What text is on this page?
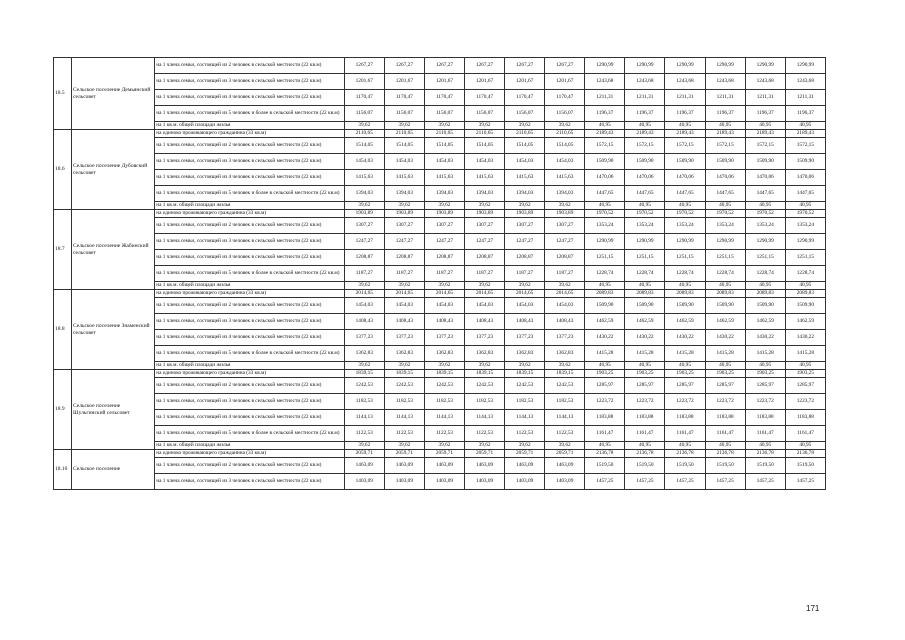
18.5	Сельское поселение Демьянский сельсовет	на 1 члена семьи, состоящей из 2 человек в сельской местности (22 кв.м)	1267,27	1267,27	1267,27	1267,27	1267,27	1267,27	1290,99	1290,99	1290,99	1290,99	1290,99	1290,99
		на 1 члена семьи, состоящей из 3 человек в сельской местности (22 кв.м)	1201,67	1201,67	1201,67	1201,67	1201,67	1201,67	1243,68	1243,68	1243,68	1243,68	1243,68	1243,68
		на 1 члена семьи, состоящей из 4 человек в сельской местности (22 кв.м)	1170,47	1170,47	1170,47	1170,47	1170,47	1170,47	1211,31	1211,31	1211,31	1211,31	1211,31	1211,31
		на 1 члена семьи, состоящей из 5 человек и более в сельской местности (22 кв.м)	1156,07	1156,07	1156,07	1156,07	1156,07	1156,07	1196,37	1196,37	1196,37	1196,37	1196,37	1196,37
		на 1 кв.м. общей площади жилья	39,62	39,62	39,62	39,62	39,62	39,62	40,95	40,95	40,95	40,95	40,95	40,95
18.6	Сельское поселение Дубовский сельсовет	на одиноко проживающего гражданина (33 кв.м)	2110,65	2110,65	2110,65	2110,65	2110,65	2110,65	2189,43	2189,43	2189,43	2189,43	2189,43	2189,43
		на 1 члена семьи, состоящей из 2 человек в сельской местности (22 кв.м)	1514,05	1514,05	1514,05	1514,05	1514,05	1514,05	1572,15	1572,15	1572,15	1572,15	1572,15	1572,15
		на 1 члена семьи, состоящей из 3 человек в сельской местности (22 кв.м)	1454,03	1454,03	1454,03	1454,03	1454,03	1454,03	1509,90	1509,90	1509,90	1509,90	1509,90	1509,90
		на 1 члена семьи, состоящей из 4 человек в сельской местности (22 кв.м)	1415,63	1415,63	1415,63	1415,63	1415,63	1415,63	1470,06	1470,06	1470,06	1470,06	1470,06	1470,06
		на 1 члена семьи, состоящей из 5 человек и более в сельской местности (22 кв.м)	1394,03	1394,03	1394,03	1394,03	1394,03	1394,03	1447,65	1447,65	1447,65	1447,65	1447,65	1447,65
		на 1 кв.м. общей площади жилья	39,62	39,62	39,62	39,62	39,62	39,62	40,95	40,95	40,95	40,95	40,95	40,95
18.7	Сельское поселение Жабинский сельсовет	на одиноко проживающего гражданина (33 кв.м)	1903,89	1903,89	1903,89	1903,89	1903,89	1903,89	1970,52	1970,52	1970,52	1970,52	1970,52	1970,52
		на 1 члена семьи, состоящей из 2 человек в сельской местности (22 кв.м)	1307,27	1307,27	1307,27	1307,27	1307,27	1307,27	1353,24	1353,24	1353,24	1353,24	1353,24	1353,24
		на 1 члена семьи, состоящей из 3 человек в сельской местности (22 кв.м)	1247,27	1247,27	1247,27	1247,27	1247,27	1247,27	1290,99	1290,99	1290,99	1290,99	1290,99	1290,99
		на 1 члена семьи, состоящей из 4 человек в сельской местности (22 кв.м)	1208,87	1208,87	1208,87	1208,87	1208,87	1208,87	1251,15	1251,15	1251,15	1251,15	1251,15	1251,15
		на 1 члена семьи, состоящей из 5 человек и более в сельской местности (22 кв.м)	1187,27	1187,27	1187,27	1187,27	1187,27	1187,27	1228,74	1228,74	1228,74	1228,74	1228,74	1228,74
		на 1 кв.м. общей площади жилья	39,62	39,62	39,62	39,62	39,62	39,62	40,95	40,95	40,95	40,95	40,95	40,95
18.8	Сельское поселение Знаменский сельсовет	на одиноко проживающего гражданина (33 кв.м)	2014,65	2014,65	2014,65	2014,65	2014,65	2014,65	2089,83	2089,83	2089,83	2089,83	2089,83	2089,83
		на 1 члена семьи, состоящей из 2 человек в сельской местности (22 кв.м)	1454,03	1454,03	1454,03	1454,03	1454,03	1454,03	1509,90	1509,90	1509,90	1509,90	1509,90	1509,90
		на 1 члена семьи, состоящей из 3 человек в сельской местности (22 кв.м)	1408,43	1408,43	1408,43	1408,43	1408,43	1408,43	1462,59	1462,59	1462,59	1462,59	1462,59	1462,59
		на 1 члена семьи, состоящей из 4 человек в сельской местности (22 кв.м)	1377,23	1377,23	1377,23	1377,23	1377,23	1377,23	1430,22	1430,22	1430,22	1430,22	1430,22	1430,22
		на 1 члена семьи, состоящей из 5 человек и более в сельской местности (22 кв.м)	1362,83	1362,83	1362,83	1362,83	1362,83	1362,83	1415,28	1415,28	1415,28	1415,28	1415,28	1415,28
		на 1 кв.м. общей площади жилья	39,62	39,62	39,62	39,62	39,62	39,62	40,95	40,95	40,95	40,95	40,95	40,95
18.9	Сельское поселение Шульгинский сельсовет	на одиноко проживающего гражданина (33 кв.м)	1839,15	1839,15	1839,15	1839,15	1839,15	1839,15	1903,25	1903,25	1903,25	1903,25	1903,25	1903,25
		на 1 члена семьи, состоящей из 2 человек в сельской местности (22 кв.м)	1242,53	1242,53	1242,53	1242,53	1242,53	1242,53	1285,97	1285,97	1285,97	1285,97	1285,97	1285,97
		на 1 члена семьи, состоящей из 3 человек в сельской местности (22 кв.м)	1182,53	1182,53	1182,53	1182,53	1182,53	1182,53	1223,72	1223,72	1223,72	1223,72	1223,72	1223,72
		на 1 члена семьи, состоящей из 4 человек в сельской местности (22 кв.м)	1144,13	1144,13	1144,13	1144,13	1144,13	1144,13	1183,88	1183,88	1183,88	1183,88	1183,88	1183,88
		на 1 члена семьи, состоящей из 5 человек и более в сельской местности (22 кв.м)	1122,53	1122,53	1122,53	1122,53	1122,53	1122,53	1161,47	1161,47	1161,47	1161,47	1161,47	1161,47
		на 1 кв.м. общей площади жилья	39,62	39,62	39,62	39,62	39,62	39,62	40,95	40,95	40,95	40,95	40,95	40,95
18.10	Сельское поселение	на одиноко проживающего гражданина (33 кв.м)	2059,71	2059,71	2059,71	2059,71	2059,71	2059,71	2136,78	2136,78	2136,78	2136,78	2136,78	2136,78
		на 1 члена семьи, состоящей из 2 человек в сельской местности (22 кв.м)	1463,09	1463,09	1463,09	1463,09	1463,09	1463,09	1519,50	1519,50	1519,50	1519,50	1519,50	1519,50
		на 1 члена семьи, состоящей из 3 человек в сельской местности (22 кв.м)	1403,09	1403,09	1403,09	1403,09	1403,09	1403,09	1457,25	1457,25	1457,25	1457,25	1457,25	1457,25
171
